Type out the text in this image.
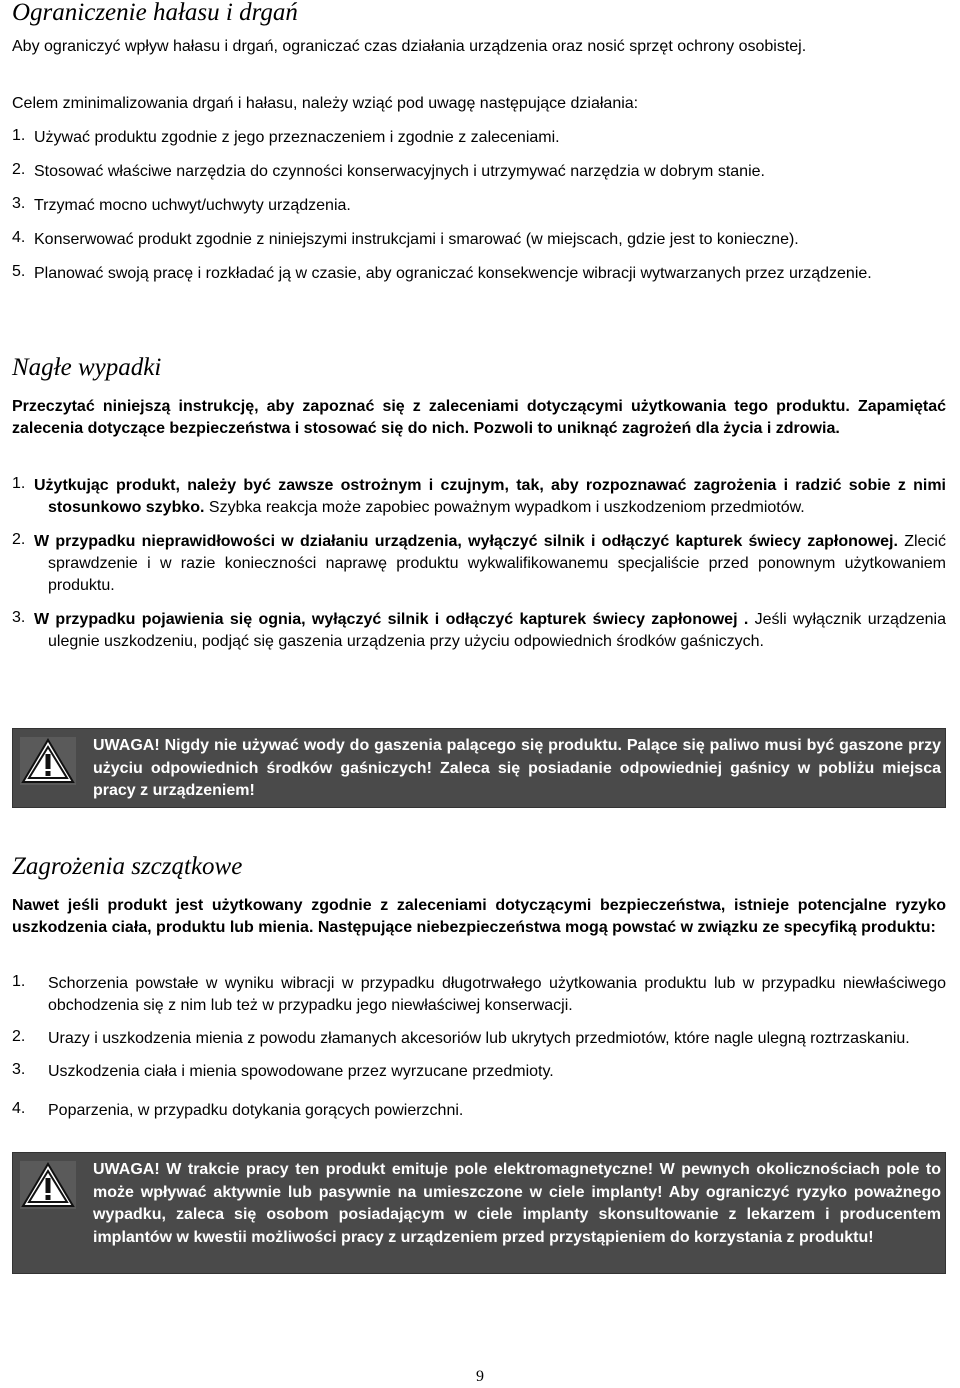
Ograniczenie hałasu i drgań

Aby ograniczyć wpływ hałasu i drgań, ograniczać czas działania urządzenia oraz nosić sprzęt ochrony osobistej.

Celem zminimalizowania drgań i hałasu, należy wziąć pod uwagę następujące działania:

1. Używać produktu zgodnie z jego przeznaczeniem i zgodnie z zaleceniami.
2. Stosować właściwe narzędzia do czynności konserwacyjnych i utrzymywać narzędzia w dobrym stanie.
3. Trzymać mocno uchwyt/uchwyty urządzenia.
4. Konserwować produkt zgodnie z niniejszymi instrukcjami i smarować (w miejscach, gdzie jest to konieczne).
5. Planować swoją pracę i rozkładać ją w czasie, aby ograniczać konsekwencje wibracji wytwarzanych przez urządzenie.
Nagłe wypadki

Przeczytać niniejszą instrukcję, aby zapoznać się z zaleceniami dotyczącymi użytkowania tego produktu. Zapamiętać zalecenia dotyczące bezpieczeństwa i stosować się do nich. Pozwoli to uniknąć zagrożeń dla życia i zdrowia.

1. Użytkując produkt, należy być zawsze ostrożnym i czujnym, tak, aby rozpoznawać zagrożenia i radzić sobie z nimi stosunkowo szybko. Szybka reakcja może zapobiec poważnym wypadkom i uszkodzeniom przedmiotów.
2. W przypadku nieprawidłowości w działaniu urządzenia, wyłączyć silnik i odłączyć kapturek świecy zapłonowej. Zlecić sprawdzenie i w razie konieczności naprawę produktu wykwalifikowanemu specjaliście przed ponownym użytkowaniem produktu.
3. W przypadku pojawienia się ognia, wyłączyć silnik i odłączyć kapturek świecy zapłonowej . Jeśli wyłącznik urządzenia ulegnie uszkodzeniu, podjąć się gaszenia urządzenia przy użyciu odpowiednich środków gaśniczych.
UWAGA! Nigdy nie używać wody do gaszenia palącego się produktu. Palące się paliwo musi być gaszone przy użyciu odpowiednich środków gaśniczych! Zaleca się posiadanie odpowiedniej gaśnicy w pobliżu miejsca pracy z urządzeniem!
Zagrożenia szczątkowe

Nawet jeśli produkt jest użytkowany zgodnie z zaleceniami dotyczącymi bezpieczeństwa, istnieje potencjalne ryzyko uszkodzenia ciała, produktu lub mienia. Następujące niebezpieczeństwa mogą powstać w związku ze specyfiką produktu:

1.	Schorzenia powstałe w wyniku wibracji w przypadku długotrwałego użytkowania produktu lub w przypadku niewłaściwego obchodzenia się z nim lub też w przypadku jego niewłaściwej konserwacji.
2.	Urazy i uszkodzenia mienia z powodu złamanych akcesoriów lub ukrytych przedmiotów, które nagle ulegną roztrzaskaniu.
3.	Uszkodzenia ciała i mienia spowodowane przez wyrzucane przedmioty.
4.	Poparzenia, w przypadku dotykania gorących powierzchni.
UWAGA! W trakcie pracy ten produkt emituje pole elektromagnetyczne! W pewnych okolicznościach pole to może wpływać aktywnie lub pasywnie na umieszczone w ciele implanty! Aby ograniczyć ryzyko poważnego wypadku, zaleca się osobom posiadającym w ciele implanty skonsultowanie z lekarzem i producentem implantów w kwestii możliwości pracy z urządzeniem przed przystąpieniem do korzystania z produktu!
9
